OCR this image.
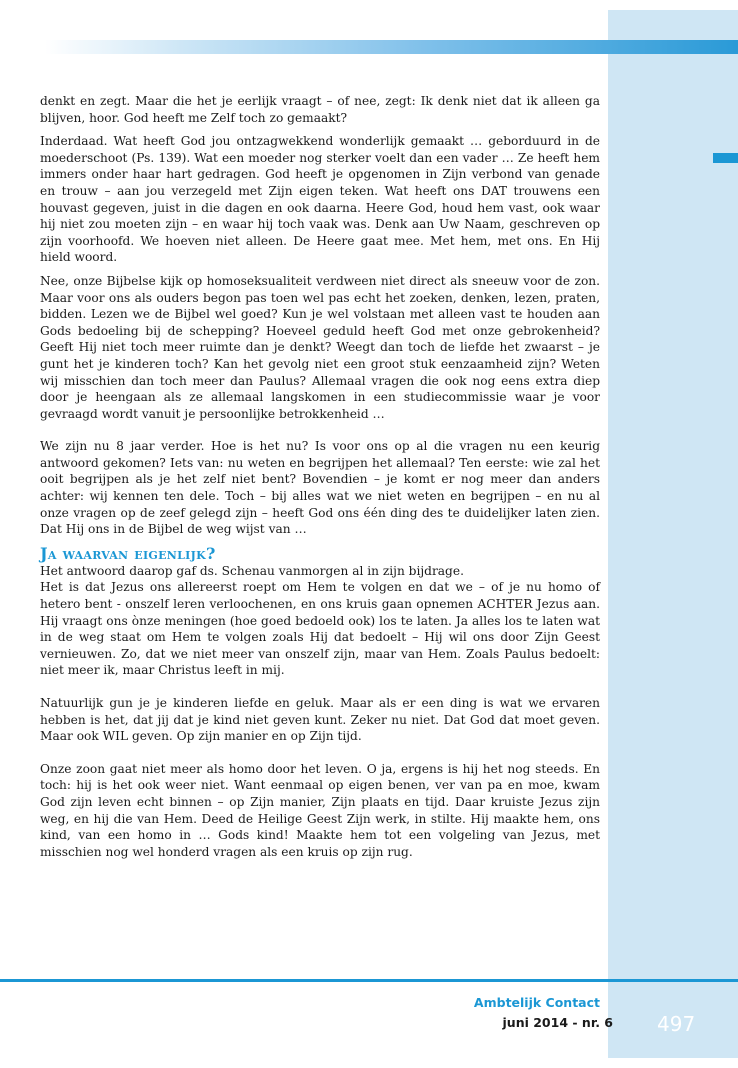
denkt en zegt. Maar die het je eerlijk vraagt – of nee, zegt: Ik denk niet dat ik alleen ga blijven, hoor. God heeft me Zelf toch zo gemaakt?

Inderdaad. Wat heeft God jou ontzagwekkend wonderlijk gemaakt … geborduurd in de moederschoot (Ps. 139). Wat een moeder nog sterker voelt dan een vader … Ze heeft hem immers onder haar hart gedragen. God heeft je opgenomen in Zijn verbond van genade en trouw – aan jou verzegeld met Zijn eigen teken. Wat heeft ons DAT trouwens een houvast gegeven, juist in die dagen en ook daarna. Heere God, houd hem vast, ook waar hij niet zou moeten zijn – en waar hij toch vaak was. Denk aan Uw Naam, geschreven op zijn voorhoofd. We hoeven niet alleen. De Heere gaat mee. Met hem, met ons. En Hij hield woord.

Nee, onze Bijbelse kijk op homoseksualiteit verdween niet direct als sneeuw voor de zon. Maar voor ons als ouders begon pas toen wel pas echt het zoeken, denken, lezen, praten, bidden. Lezen we de Bijbel wel goed? Kun je wel volstaan met alleen vast te houden aan Gods bedoeling bij de schepping? Hoeveel geduld heeft God met onze gebrokenheid? Geeft Hij niet toch meer ruimte dan je denkt? Weegt dan toch de liefde het zwaarst – je gunt het je kinderen toch? Kan het gevolg niet een groot stuk eenzaamheid zijn? Weten wij misschien dan toch meer dan Paulus? Allemaal vragen die ook nog eens extra diep door je heengaan als ze allemaal langskomen in een studiecommissie waar je voor gevraagd wordt vanuit je persoonlijke betrokkenheid …

We zijn nu 8 jaar verder. Hoe is het nu? Is voor ons op al die vragen nu een keurig antwoord gekomen? Iets van: nu weten en begrijpen het allemaal? Ten eerste: wie zal het ooit begrijpen als je het zelf niet bent? Bovendien – je komt er nog meer dan anders achter: wij kennen ten dele. Toch – bij alles wat we niet weten en begrijpen – en nu al onze vragen op de zeef gelegd zijn – heeft God ons één ding des te duidelijker laten zien. Dat Hij ons in de Bijbel de weg wijst van …

Ja waarvan eigenlijk?

Het antwoord daarop gaf ds. Schenau vanmorgen al in zijn bijdrage.

Het is dat Jezus ons allereerst roept om Hem te volgen en dat we – of je nu homo of hetero bent - onszelf leren verloochenen, en ons kruis gaan opnemen ACHTER Jezus aan. Hij vraagt ons ònze meningen (hoe goed bedoeld ook) los te laten. Ja alles los te laten wat in de weg staat om Hem te volgen zoals Hij dat bedoelt – Hij wil ons door Zijn Geest vernieuwen. Zo, dat we niet meer van onszelf zijn, maar van Hem. Zoals Paulus bedoelt: niet meer ik, maar Christus leeft in mij.

Natuurlijk gun je je kinderen liefde en geluk. Maar als er een ding is wat we ervaren hebben is het, dat jij dat je kind niet geven kunt. Zeker nu niet. Dat God dat moet geven. Maar ook WIL geven. Op zijn manier en op Zijn tijd.

Onze zoon gaat niet meer als homo door het leven. O ja, ergens is hij het nog steeds. En toch: hij is het ook weer niet. Want eenmaal op eigen benen, ver van pa en moe, kwam God zijn leven echt binnen – op Zijn manier, Zijn plaats en tijd. Daar kruiste Jezus zijn weg, en hij die van Hem. Deed de Heilige Geest Zijn werk, in stilte. Hij maakte hem, ons kind, van een homo in … Gods kind! Maakte hem tot een volgeling van Jezus, met misschien nog wel honderd vragen als een kruis op zijn rug.

Ambtelijk Contact
juni 2014 - nr. 6 497
